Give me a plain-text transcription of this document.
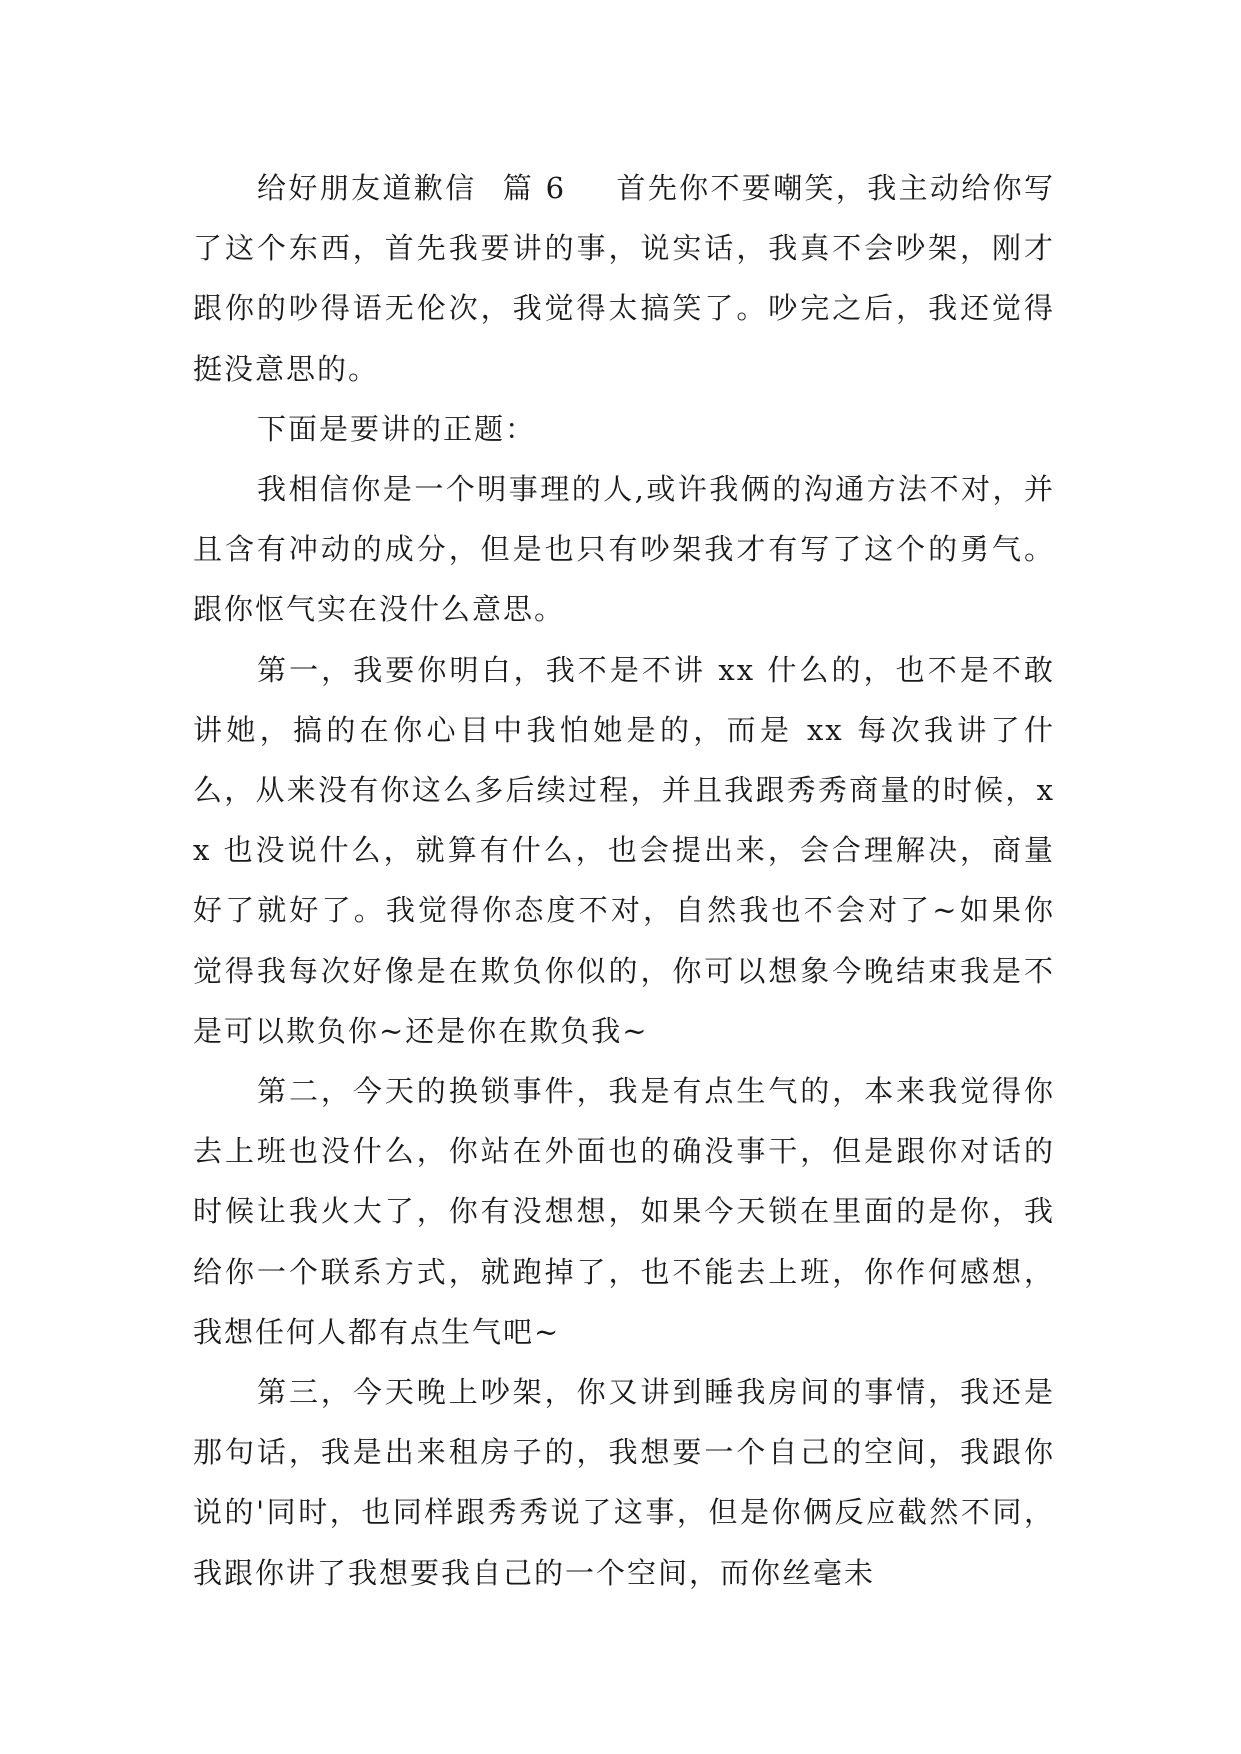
给好朋友道歉信 篇 6 首先你不要嘲笑，我主动给你写了这个东西，首先我要讲的事，说实话，我真不会吵架，刚才跟你的吵得语无伦次，我觉得太搞笑了。吵完之后，我还觉得挺没意思的。

下面是要讲的正题：

我相信你是一个明事理的人,或许我俩的沟通方法不对，并且含有冲动的成分，但是也只有吵架我才有写了这个的勇气。跟你怄气实在没什么意思。

第一，我要你明白，我不是不讲 xx 什么的，也不是不敢讲她，搞的在你心目中我怕她是的，而是 xx 每次我讲了什么，从来没有你这么多后续过程，并且我跟秀秀商量的时候，xx 也没说什么，就算有什么，也会提出来，会合理解决，商量好了就好了。我觉得你态度不对，自然我也不会对了~如果你觉得我每次好像是在欺负你似的，你可以想象今晚结束我是不是可以欺负你~还是你在欺负我~

第二，今天的换锁事件，我是有点生气的，本来我觉得你去上班也没什么，你站在外面也的确没事干，但是跟你对话的时候让我火大了，你有没想想，如果今天锁在里面的是你，我给你一个联系方式，就跑掉了，也不能去上班，你作何感想，我想任何人都有点生气吧~

第三，今天晚上吵架，你又讲到睡我房间的事情，我还是那句话，我是出来租房子的，我想要一个自己的空间，我跟你说的'同时，也同样跟秀秀说了这事，但是你俩反应截然不同，我跟你讲了我想要我自己的一个空间，而你丝毫未
